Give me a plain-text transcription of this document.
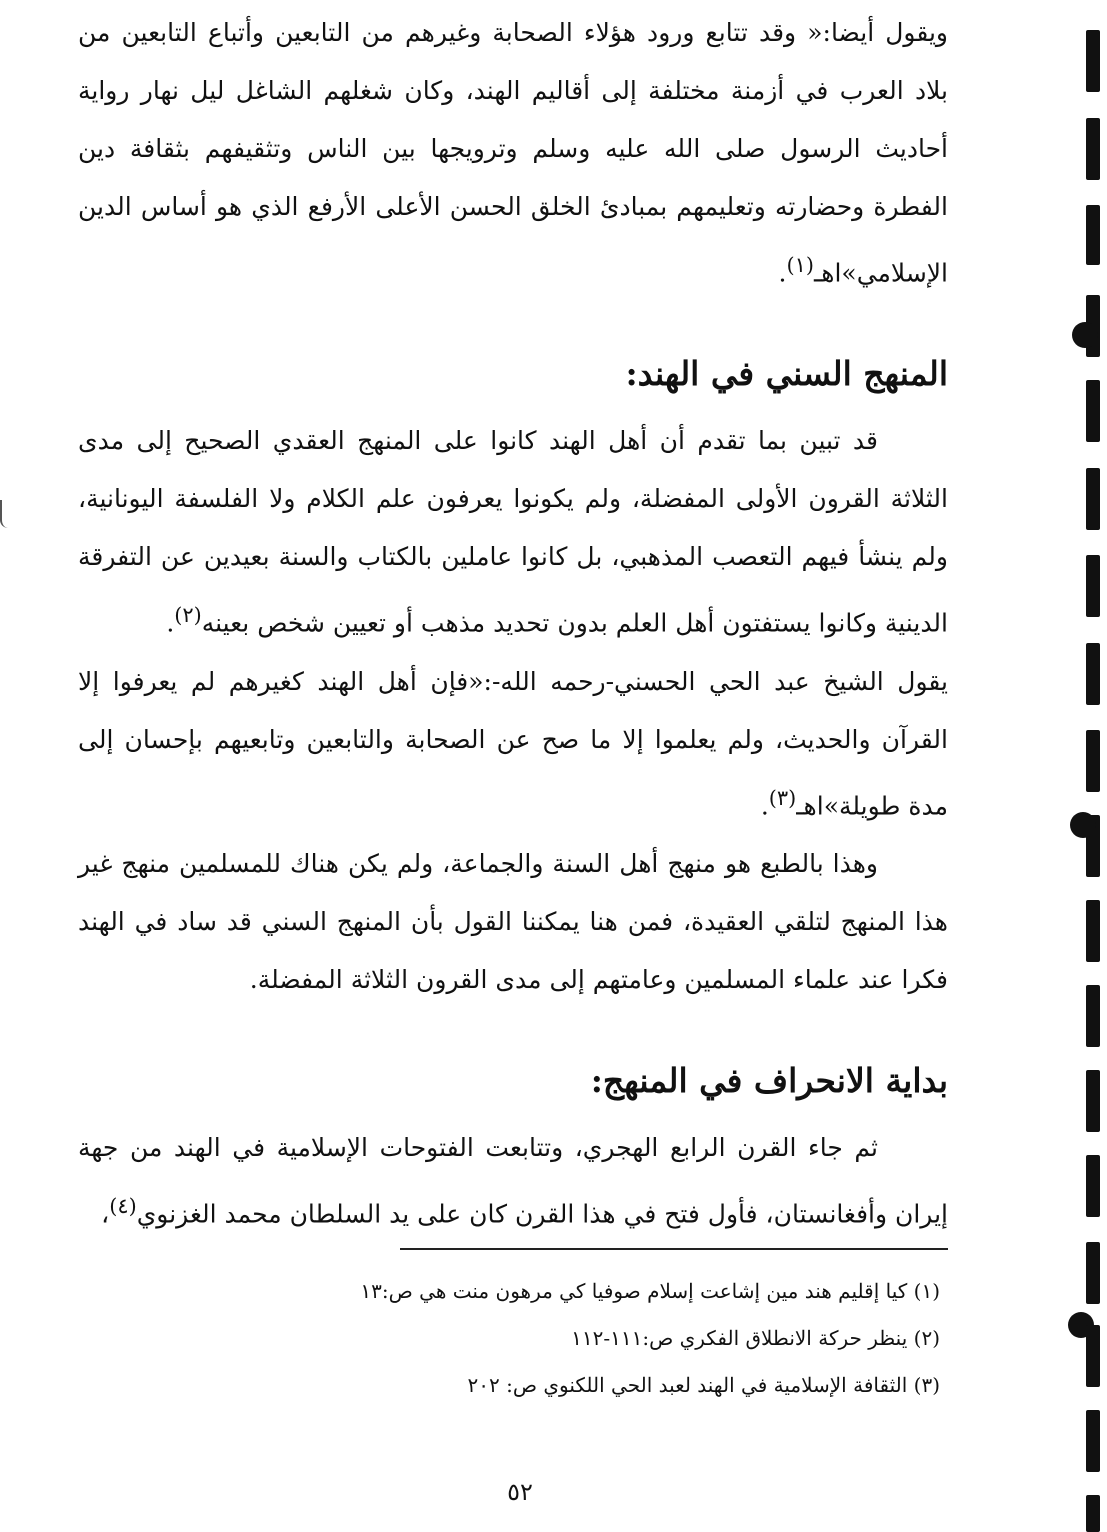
ويقول أيضا:« وقد تتابع ورود هؤلاء الصحابة وغيرهم من التابعين وأتباع التابعين من بلاد العرب في أزمنة مختلفة إلى أقاليم الهند، وكان شغلهم الشاغل ليل نهار رواية أحاديث الرسول صلى الله عليه وسلم وترويجها بين الناس وتثقيفهم بثقافة دين الفطرة وحضارته وتعليمهم بمبادئ الخلق الحسن الأعلى الأرفع الذي هو أساس الدين الإسلامي»اهـ$^{(١)}$.

المنهج السني في الهند:

قد تبين بما تقدم أن أهل الهند كانوا على المنهج العقدي الصحيح إلى مدى الثلاثة القرون الأولى المفضلة، ولم يكونوا يعرفون علم الكلام ولا الفلسفة اليونانية، ولم ينشأ فيهم التعصب المذهبي، بل كانوا عاملين بالكتاب والسنة بعيدين عن التفرقة الدينية وكانوا يستفتون أهل العلم بدون تحديد مذهب أو تعيين شخص بعينه$^{(٢)}$.

يقول الشيخ عبد الحي الحسني-رحمه الله-:«فإن أهل الهند كغيرهم لم يعرفوا إلا القرآن والحديث، ولم يعلموا إلا ما صح عن الصحابة والتابعين وتابعيهم بإحسان إلى مدة طويلة»اهـ$^{(٣)}$.

وهذا بالطبع هو منهج أهل السنة والجماعة، ولم يكن هناك للمسلمين منهج غير هذا المنهج لتلقي العقيدة، فمن هنا يمكننا القول بأن المنهج السني قد ساد في الهند فكرا عند علماء المسلمين وعامتهم إلى مدى القرون الثلاثة المفضلة.

بداية الانحراف في المنهج:

ثم جاء القرن الرابع الهجري، وتتابعت الفتوحات الإسلامية في الهند من جهة إيران وأفغانستان، فأول فتح في هذا القرن كان على يد السلطان محمد الغزنوي$^{(٤)}$،

(١) كيا إقليم هند مين إشاعت إسلام صوفيا كي مرهون منت هي ص:١٣

(٢) ينظر حركة الانطلاق الفكري ص:١١١-١١٢

(٣) الثقافة الإسلامية في الهند لعبد الحي اللكنوي ص: ٢٠٢

٥٢
